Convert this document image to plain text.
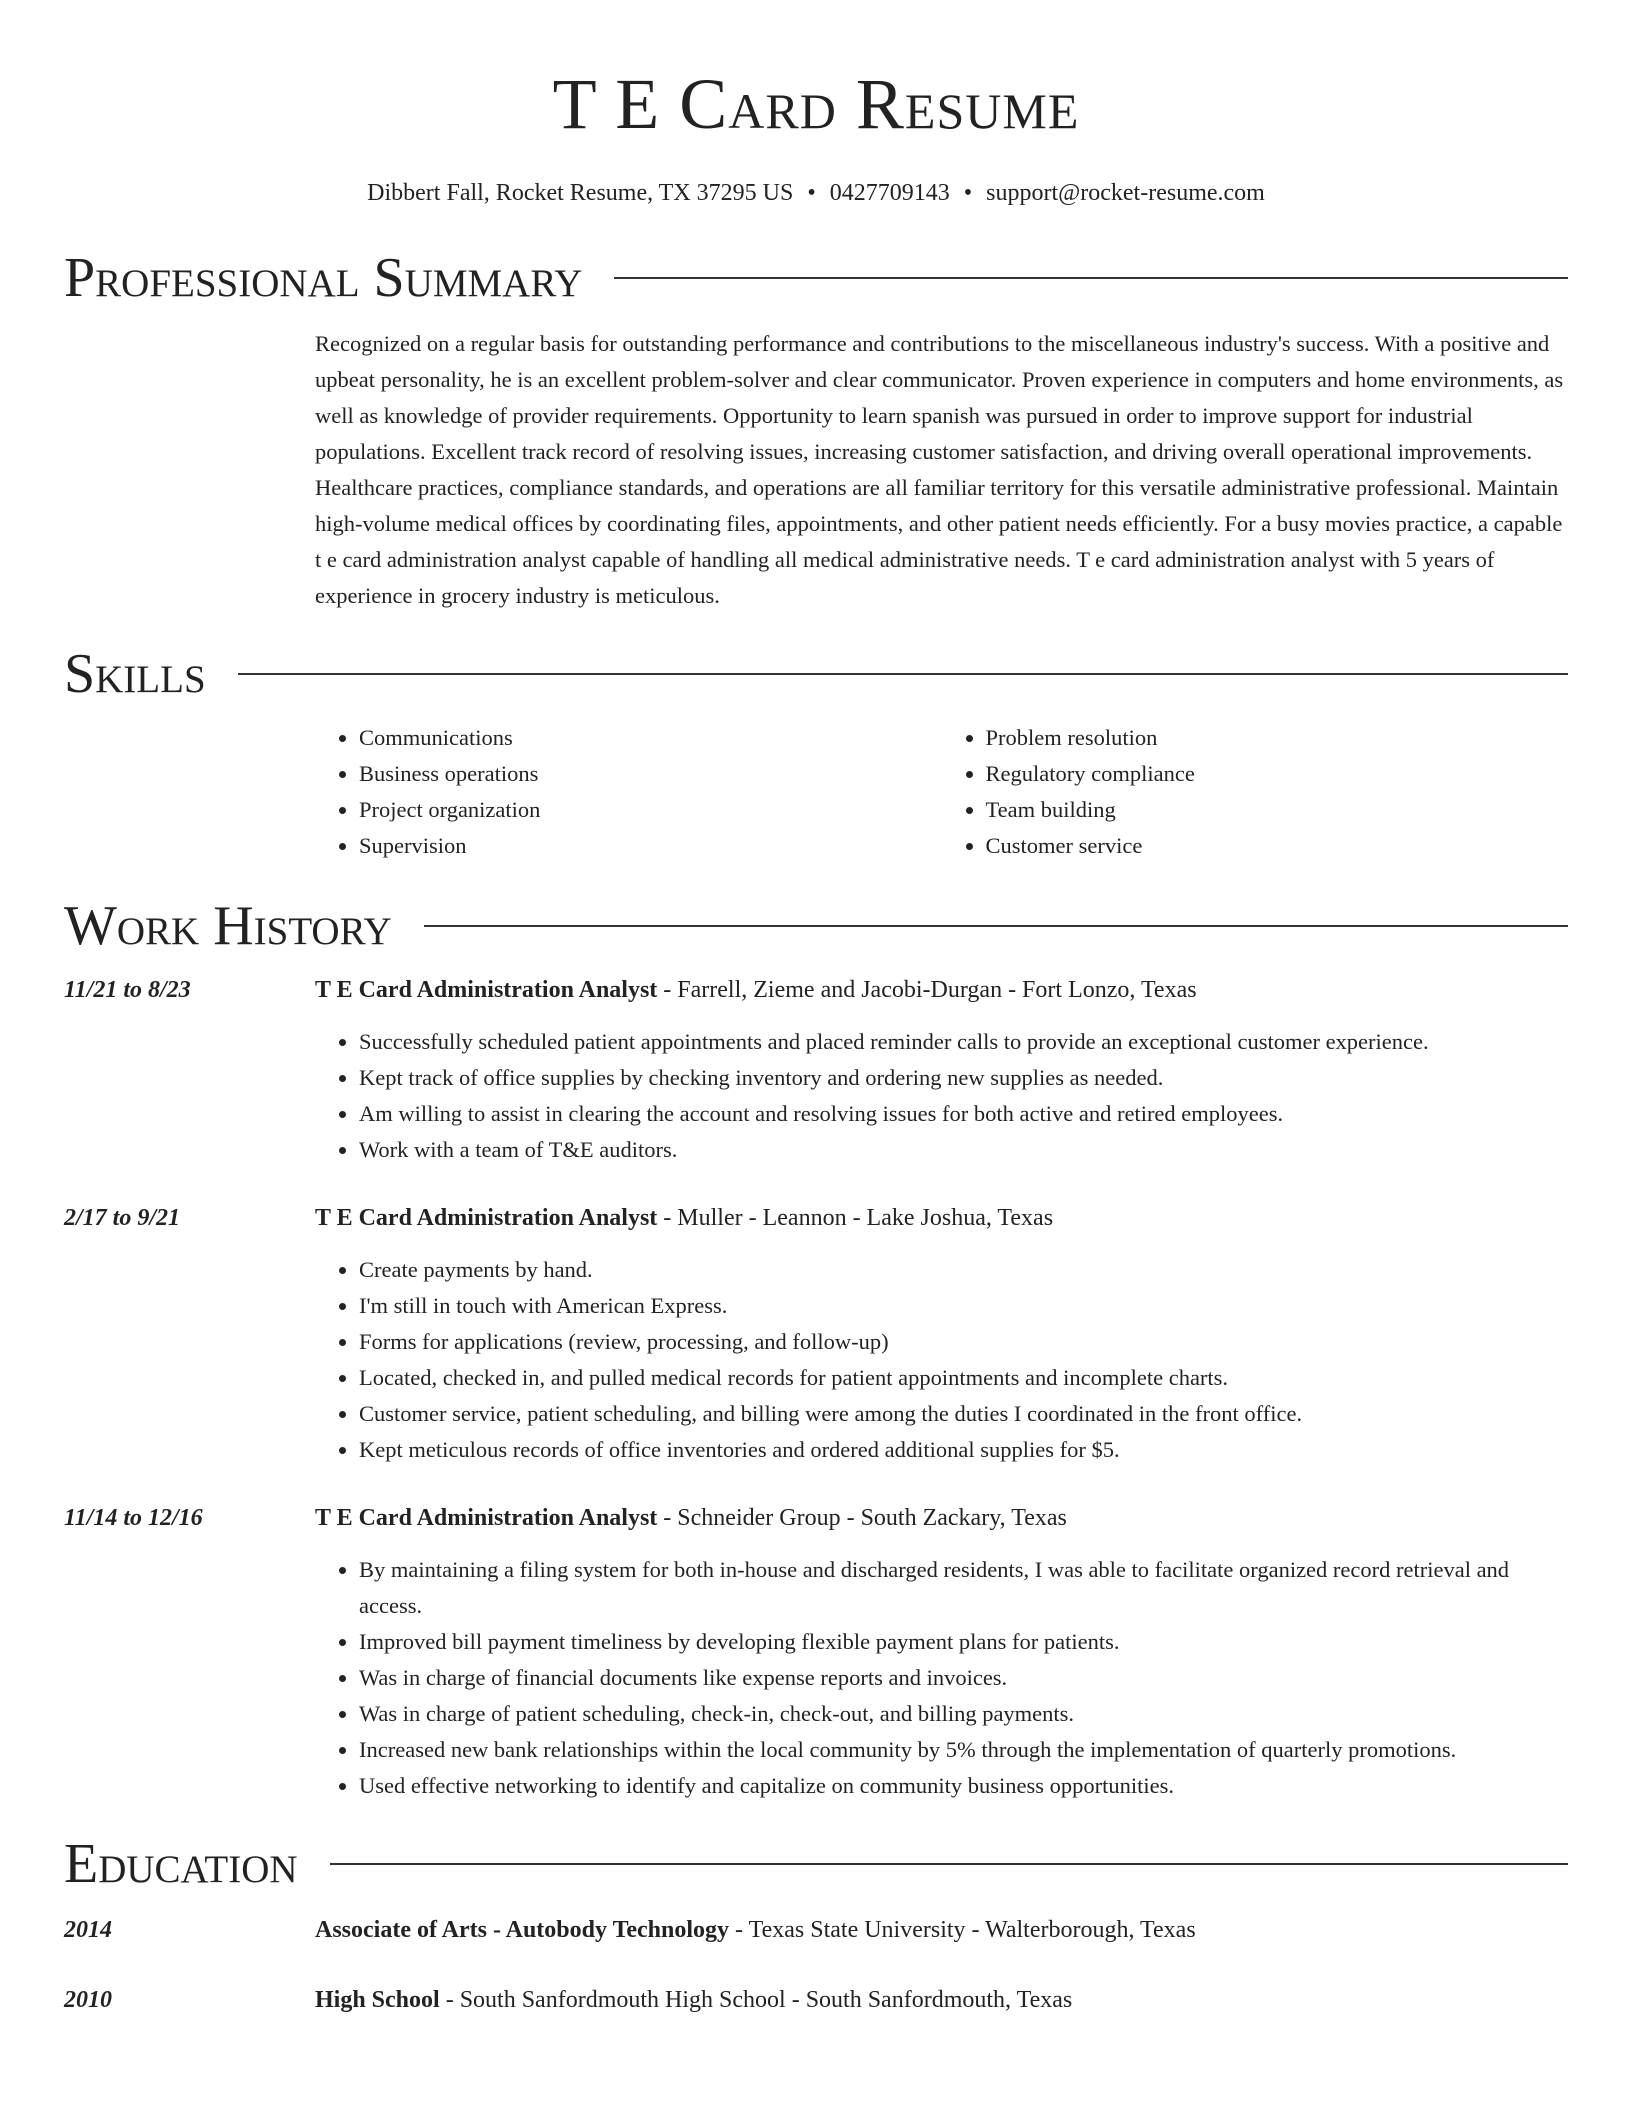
T E Card Resume
Dibbert Fall, Rocket Resume, TX 37295 US • 0427709143 • support@rocket-resume.com
Professional Summary

Recognized on a regular basis for outstanding performance and contributions to the miscellaneous industry's success. With a positive and upbeat personality, he is an excellent problem-solver and clear communicator. Proven experience in computers and home environments, as well as knowledge of provider requirements. Opportunity to learn spanish was pursued in order to improve support for industrial populations. Excellent track record of resolving issues, increasing customer satisfaction, and driving overall operational improvements. Healthcare practices, compliance standards, and operations are all familiar territory for this versatile administrative professional. Maintain high-volume medical offices by coordinating files, appointments, and other patient needs efficiently. For a busy movies practice, a capable t e card administration analyst capable of handling all medical administrative needs. T e card administration analyst with 5 years of experience in grocery industry is meticulous.

Skills
• Communications
• Business operations
• Project organization
• Supervision
• Problem resolution
• Regulatory compliance
• Team building
• Customer service
Work History
11/21 to 8/23	T E Card Administration Analyst - Farrell, Zieme and Jacobi-Durgan - Fort Lonzo, Texas
• Successfully scheduled patient appointments and placed reminder calls to provide an exceptional customer experience.
• Kept track of office supplies by checking inventory and ordering new supplies as needed.
• Am willing to assist in clearing the account and resolving issues for both active and retired employees.
• Work with a team of T&E auditors.
2/17 to 9/21	T E Card Administration Analyst - Muller - Leannon - Lake Joshua, Texas
• Create payments by hand.
• I'm still in touch with American Express.
• Forms for applications (review, processing, and follow-up)
• Located, checked in, and pulled medical records for patient appointments and incomplete charts.
• Customer service, patient scheduling, and billing were among the duties I coordinated in the front office.
• Kept meticulous records of office inventories and ordered additional supplies for $5.
11/14 to 12/16	T E Card Administration Analyst - Schneider Group - South Zackary, Texas
• By maintaining a filing system for both in-house and discharged residents, I was able to facilitate organized record retrieval and access.
• Improved bill payment timeliness by developing flexible payment plans for patients.
• Was in charge of financial documents like expense reports and invoices.
• Was in charge of patient scheduling, check-in, check-out, and billing payments.
• Increased new bank relationships within the local community by 5% through the implementation of quarterly promotions.
• Used effective networking to identify and capitalize on community business opportunities.
Education
2014	Associate of Arts - Autobody Technology - Texas State University - Walterborough, Texas
2010	High School - South Sanfordmouth High School - South Sanfordmouth, Texas
